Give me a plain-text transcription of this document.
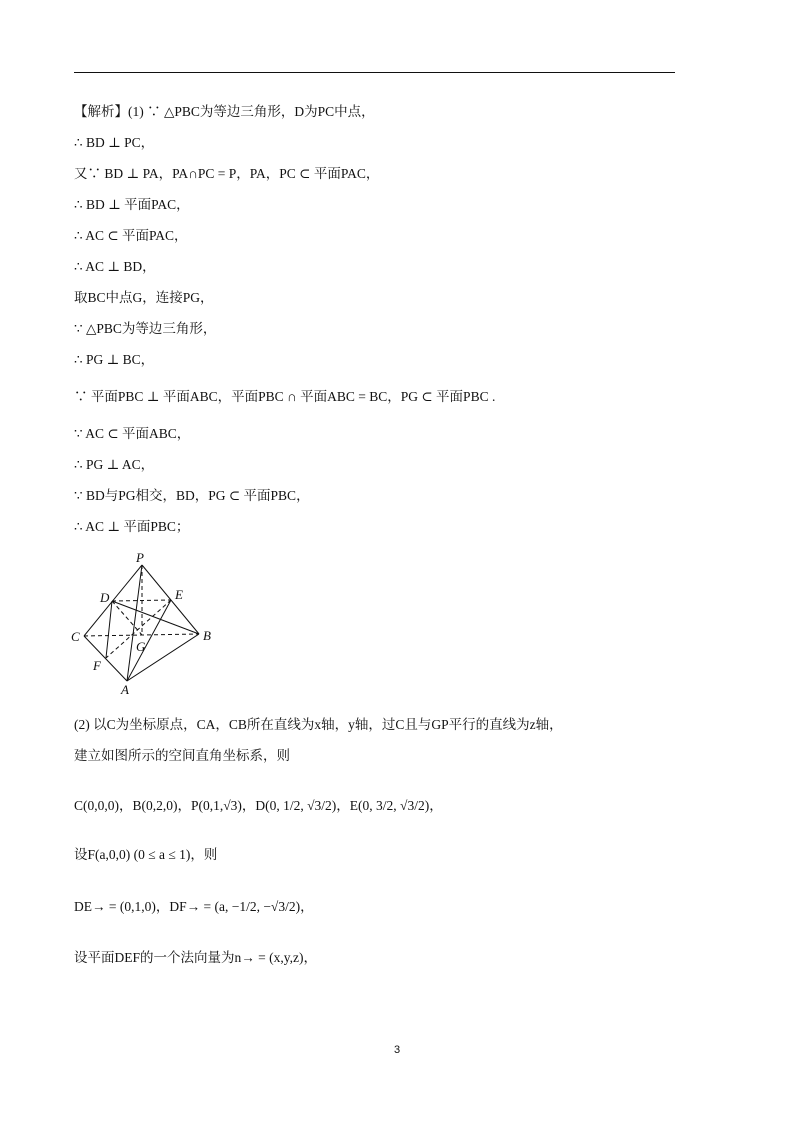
【解析】(1) ∵ △PBC为等边三角形，D为PC中点，
∴ BD ⊥ PC，
又∵ BD ⊥ PA，PA∩PC = P，PA，PC ⊂ 平面PAC，
∴ BD ⊥ 平面PAC，
∴ AC ⊂ 平面PAC，
∴ AC ⊥ BD，
取BC中点G，连接PG，
∵ △PBC为等边三角形，
∴ PG ⊥ BC，
∵ 平面PBC ⊥ 平面ABC，平面PBC ∩ 平面ABC = BC，PG ⊂ 平面PBC .
∵ AC ⊂ 平面ABC，
∴ PG ⊥ AC，
∵ BD与PG相交，BD，PG ⊂ 平面PBC，
∴ AC ⊥ 平面PBC；
P
D	E
C	B
G
F
A
(2) 以C为坐标原点，CA，CB所在直线为x轴，y轴，过C且与GP平行的直线为z轴，
建立如图所示的空间直角坐标系，则
C(0,0,0)，B(0,2,0)，P(0,1,√3)，D(0, 1/2, √3/2)，E(0, 3/2, √3/2)，
设F(a,0,0) (0 ≤ a ≤ 1)，则
DE→ = (0,1,0)，DF→ = (a, −1/2, −√3/2)，
设平面DEF的一个法向量为n→ = (x,y,z)，
3
